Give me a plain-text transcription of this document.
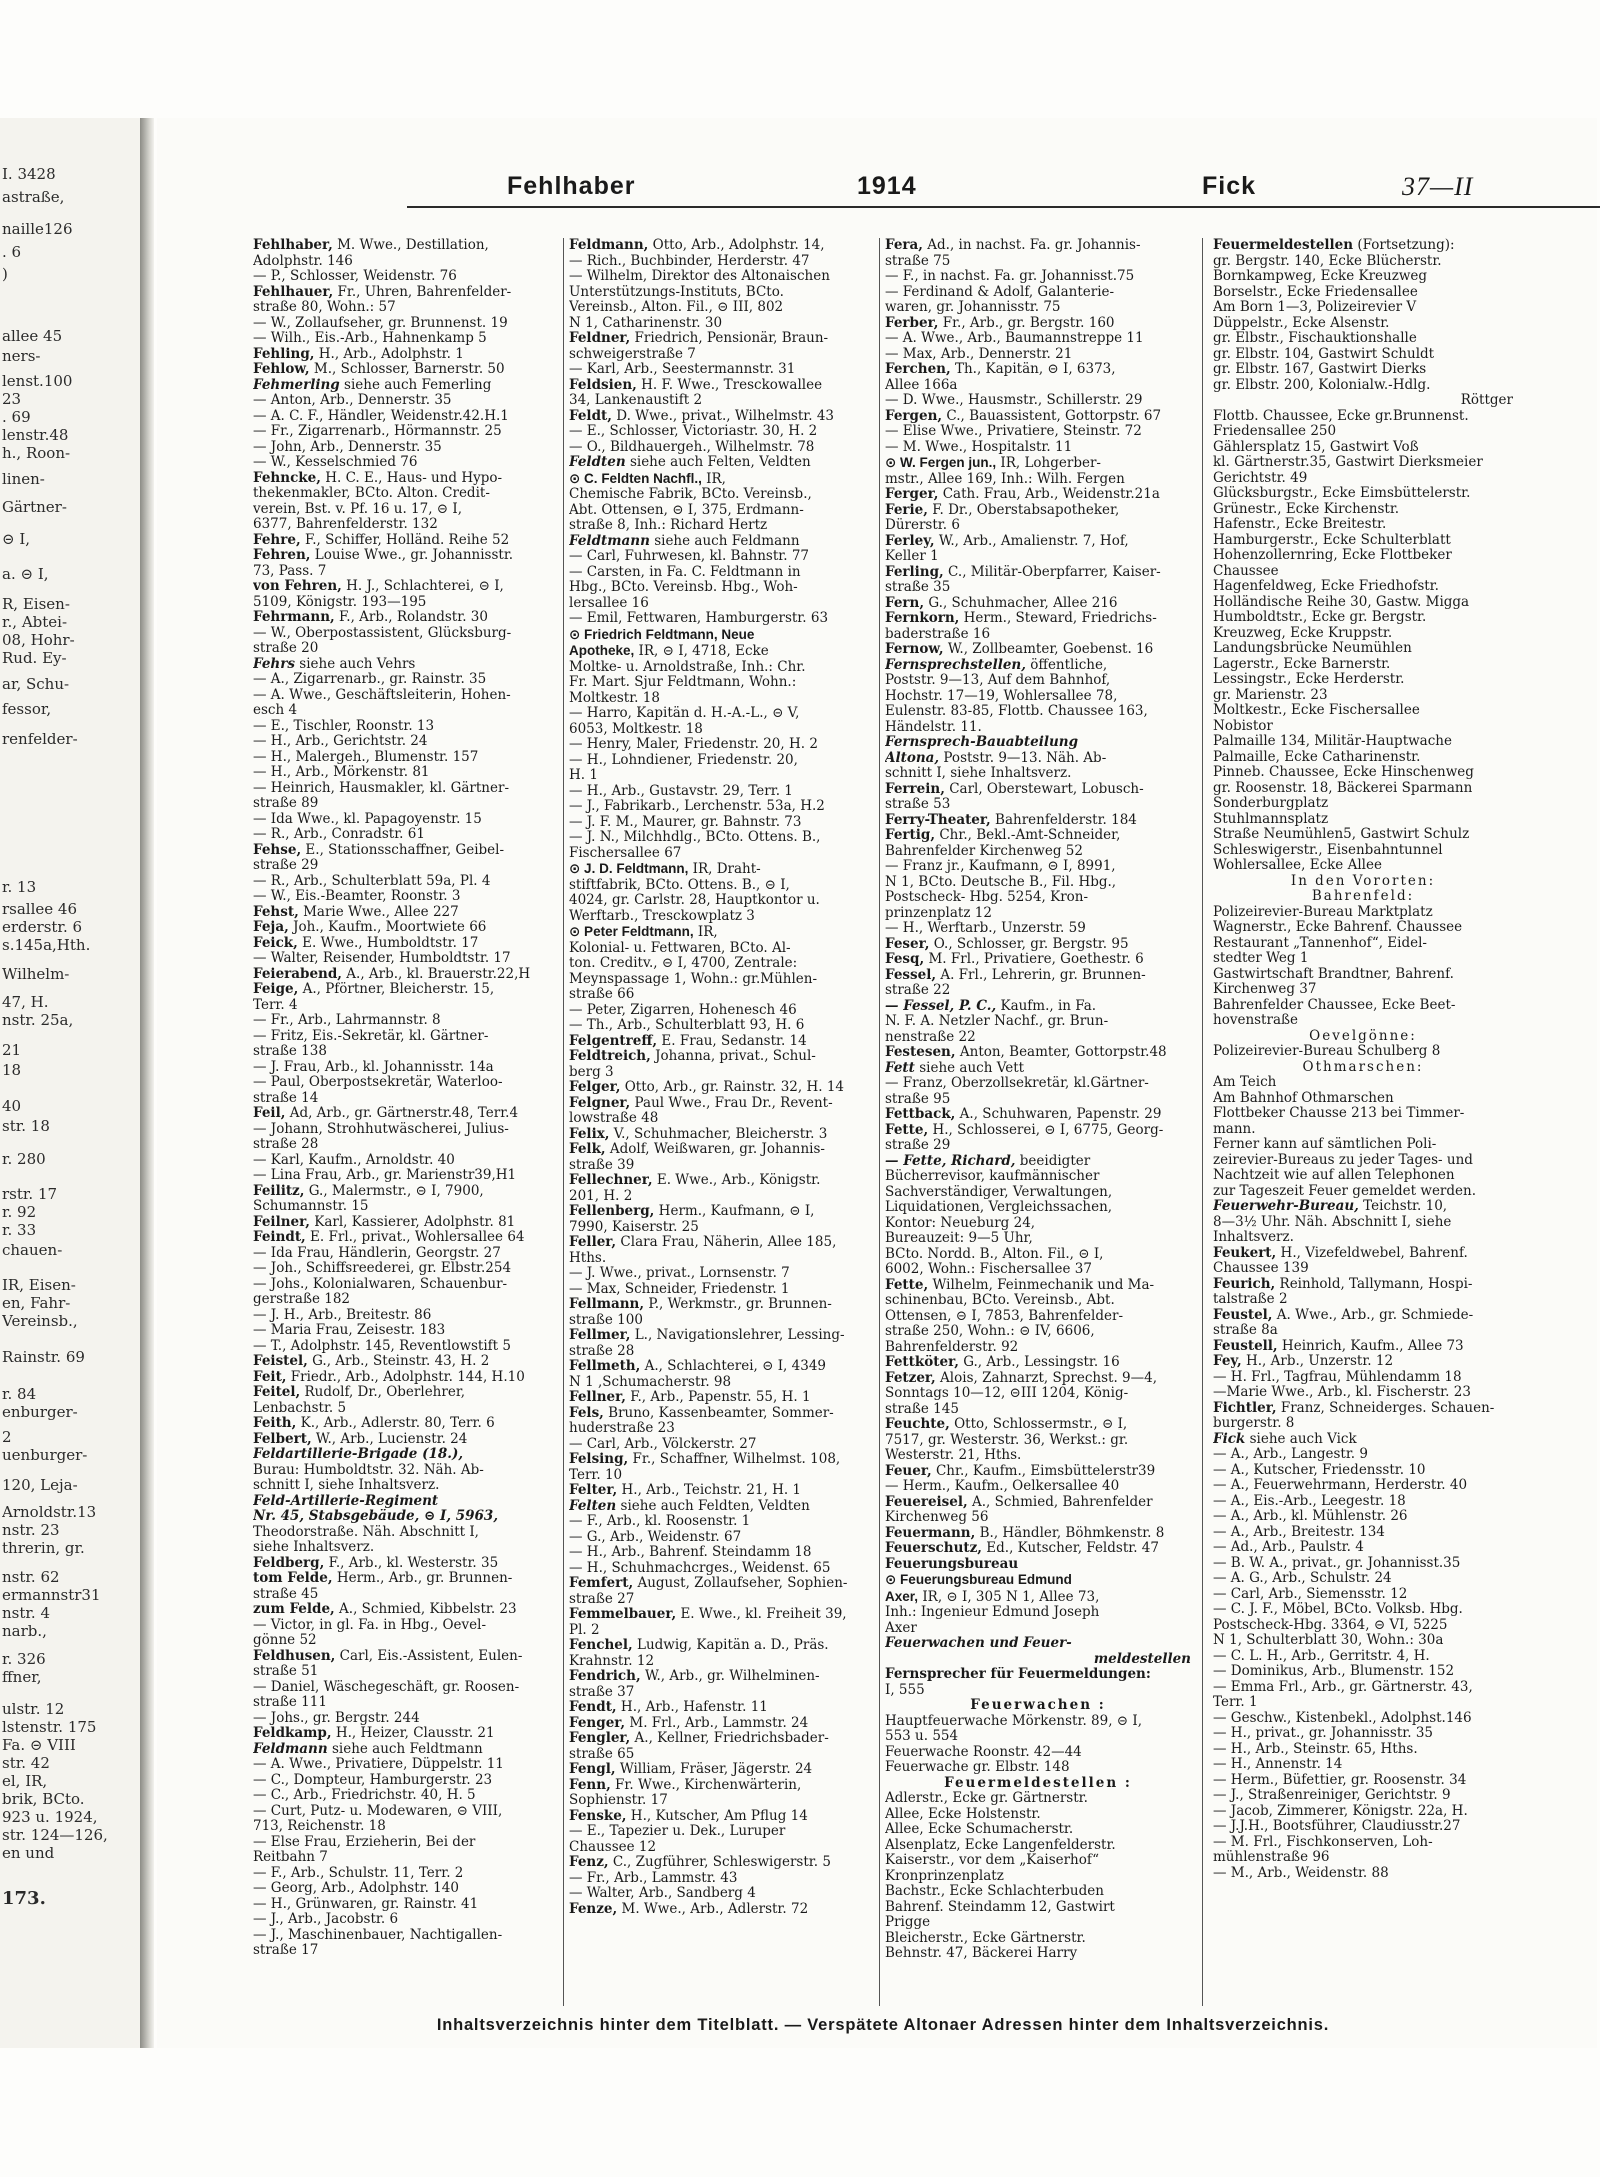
I. 3428
astraße,
naille126
. 6
)
allee 45
ners-
lenst.100
23
. 69
lenstr.48
h., Roon-
linen-
Gärtner-
⊝ I,
a. ⊝ I,
R, Eisen-
r., Abtei-
08, Hohr-
Rud. Ey-
ar, Schu-
fessor,
renfelder-
r. 13
rsallee 46
erderstr. 6
s.145a,Hth.
Wilhelm-
47, H.
nstr. 25a,
21
18
40
str. 18
r. 280
rstr. 17
r. 92
r. 33
chauen-
IR, Eisen-
en, Fahr-
Vereinsb.,
Rainstr. 69
r. 84
enburger-
2
uenburger-
120, Leja-
Arnoldstr.13
nstr. 23
threrin, gr.
nstr. 62
ermannstr31
nstr. 4
narb.,
r. 326
ffner,
ulstr. 12
lstenstr. 175
Fa. ⊝ VIII
str. 42
el, IR,
brik, BCto.
923 u. 1924,
str. 124—126,
en und
173.
Fehlhaber	1914	Fick	37—II
Fehlhaber, M. Wwe., Destillation,
Adolphstr. 146
— P., Schlosser, Weidenstr. 76
Fehlhauer, Fr., Uhren, Bahrenfelder-
straße 80, Wohn.: 57
— W., Zollaufseher, gr. Brunnenst. 19
— Wilh., Eis.-Arb., Hahnenkamp 5
Fehling, H., Arb., Adolphstr. 1
Fehlow, M., Schlosser, Barnerstr. 50
Fehmerling siehe auch Femerling
— Anton, Arb., Dennerstr. 35
— A. C. F., Händler, Weidenstr.42.H.1
— Fr., Zigarrenarb., Hörmannstr. 25
— John, Arb., Dennerstr. 35
— W., Kesselschmied 76
Fehncke, H. C. E., Haus- und Hypo-
thekenmakler, BCto. Alton. Credit-
verein, Bst. v. Pf. 16 u. 17, ⊝ I,
6377, Bahrenfelderstr. 132
Fehre, F., Schiffer, Holländ. Reihe 52
Fehren, Louise Wwe., gr. Johannisstr.
73, Pass. 7
von Fehren, H. J., Schlachterei, ⊝ I,
5109, Königstr. 193—195
Fehrmann, F., Arb., Rolandstr. 30
— W., Oberpostassistent, Glücksburg-
straße 20
Fehrs siehe auch Vehrs
— A., Zigarrenarb., gr. Rainstr. 35
— A. Wwe., Geschäftsleiterin, Hohen-
esch 4
— E., Tischler, Roonstr. 13
— H., Arb., Gerichtstr. 24
— H., Malergeh., Blumenstr. 157
— H., Arb., Mörkenstr. 81
— Heinrich, Hausmakler, kl. Gärtner-
straße 89
— Ida Wwe., kl. Papagoyenstr. 15
— R., Arb., Conradstr. 61
Fehse, E., Stationsschaffner, Geibel-
straße 29
— R., Arb., Schulterblatt 59a, Pl. 4
— W., Eis.-Beamter, Roonstr. 3
Fehst, Marie Wwe., Allee 227
Feja, Joh., Kaufm., Moortwiete 66
Feick, E. Wwe., Humboldtstr. 17
— Walter, Reisender, Humboldtstr. 17
Feierabend, A., Arb., kl. Brauerstr.22,H
Feige, A., Pförtner, Bleicherstr. 15,
Terr. 4
— Fr., Arb., Lahrmannstr. 8
— Fritz, Eis.-Sekretär, kl. Gärtner-
straße 138
— J. Frau, Arb., kl. Johannisstr. 14a
— Paul, Oberpostsekretär, Waterloo-
straße 14
Feil, Ad, Arb., gr. Gärtnerstr.48, Terr.4
— Johann, Strohhutwäscherei, Julius-
straße 28
— Karl, Kaufm., Arnoldstr. 40
— Lina Frau, Arb., gr. Marienstr39,H1
Feilitz, G., Malermstr., ⊝ I, 7900,
Schumannstr. 15
Feilner, Karl, Kassierer, Adolphstr. 81
Feindt, E. Frl., privat., Wohlersallee 64
— Ida Frau, Händlerin, Georgstr. 27
— Joh., Schiffsreederei, gr. Elbstr.254
— Johs., Kolonialwaren, Schauenbur-
gerstraße 182
— J. H., Arb., Breitestr. 86
— Maria Frau, Zeisestr. 183
— T., Adolphstr. 145, Reventlowstift 5
Feistel, G., Arb., Steinstr. 43, H. 2
Feit, Friedr., Arb., Adolphstr. 144, H.10
Feitel, Rudolf, Dr., Oberlehrer,
Lenbachstr. 5
Feith, K., Arb., Adlerstr. 80, Terr. 6
Felbert, W., Arb., Lucienstr. 24
Feldartillerie-Brigade (18.),
Burau: Humboldtstr. 32. Näh. Ab-
schnitt I, siehe Inhaltsverz.
Feld-Artillerie-Regiment
Nr. 45, Stabsgebäude, ⊝ I, 5963,
Theodorstraße. Näh. Abschnitt I,
siehe Inhaltsverz.
Feldberg, F., Arb., kl. Westerstr. 35
tom Felde, Herm., Arb., gr. Brunnen-
straße 45
zum Felde, A., Schmied, Kibbelstr. 23
— Victor, in gl. Fa. in Hbg., Oevel-
gönne 52
Feldhusen, Carl, Eis.-Assistent, Eulen-
straße 51
— Daniel, Wäschegeschäft, gr. Roosen-
straße 111
— Johs., gr. Bergstr. 244
Feldkamp, H., Heizer, Clausstr. 21
Feldmann siehe auch Feldtmann
— A. Wwe., Privatiere, Düppelstr. 11
— C., Dompteur, Hamburgerstr. 23
— C., Arb., Friedrichstr. 40, H. 5
— Curt, Putz- u. Modewaren, ⊝ VIII,
713, Reichenstr. 18
— Else Frau, Erzieherin, Bei der
Reitbahn 7
— F., Arb., Schulstr. 11, Terr. 2
— Georg, Arb., Adolphstr. 140
— H., Grünwaren, gr. Rainstr. 41
— J., Arb., Jacobstr. 6
— J., Maschinenbauer, Nachtigallen-
straße 17
Feldmann, Otto, Arb., Adolphstr. 14,
— Rich., Buchbinder, Herderstr. 47
— Wilhelm, Direktor des Altonaischen
Unterstützungs-Instituts, BCto.
Vereinsb., Alton. Fil., ⊝ III, 802
N 1, Catharinenstr. 30
Feldner, Friedrich, Pensionär, Braun-
schweigerstraße 7
— Karl, Arb., Seestermannstr. 31
Feldsien, H. F. Wwe., Tresckowallee
34, Lankenaustift 2
Feldt, D. Wwe., privat., Wilhelmstr. 43
— E., Schlosser, Victoriastr. 30, H. 2
— O., Bildhauergeh., Wilhelmstr. 78
Feldten siehe auch Felten, Veldten
⊙ C. Feldten Nachfl., IR,
Chemische Fabrik, BCto. Vereinsb.,
Abt. Ottensen, ⊝ I, 375, Erdmann-
straße 8, Inh.: Richard Hertz
Feldtmann siehe auch Feldmann
— Carl, Fuhrwesen, kl. Bahnstr. 77
— Carsten, in Fa. C. Feldtmann in
Hbg., BCto. Vereinsb. Hbg., Woh-
lersallee 16
— Emil, Fettwaren, Hamburgerstr. 63
⊙ Friedrich Feldtmann, Neue
Apotheke, IR, ⊝ I, 4718, Ecke
Moltke- u. Arnoldstraße, Inh.: Chr.
Fr. Mart. Sjur Feldtmann, Wohn.:
Moltkestr. 18
— Harro, Kapitän d. H.-A.-L., ⊝ V,
6053, Moltkestr. 18
— Henry, Maler, Friedenstr. 20, H. 2
— H., Lohndiener, Friedenstr. 20,
H. 1
— H., Arb., Gustavstr. 29, Terr. 1
— J., Fabrikarb., Lerchenstr. 53a, H.2
— J. F. M., Maurer, gr. Bahnstr. 73
— J. N., Milchhdlg., BCto. Ottens. B.,
Fischersallee 67
⊙ J. D. Feldtmann, IR, Draht-
stiftfabrik, BCto. Ottens. B., ⊝ I,
4024, gr. Carlstr. 28, Hauptkontor u.
Werftarb., Tresckowplatz 3
⊙ Peter Feldtmann, IR,
Kolonial- u. Fettwaren, BCto. Al-
ton. Creditv., ⊝ I, 4700, Zentrale:
Meynspassage 1, Wohn.: gr.Mühlen-
straße 66
— Peter, Zigarren, Hohenesch 46
— Th., Arb., Schulterblatt 93, H. 6
Felgentreff, E. Frau, Sedanstr. 14
Feldtreich, Johanna, privat., Schul-
berg 3
Felger, Otto, Arb., gr. Rainstr. 32, H. 14
Felgner, Paul Wwe., Frau Dr., Revent-
lowstraße 48
Felix, V., Schuhmacher, Bleicherstr. 3
Felk, Adolf, Weißwaren, gr. Johannis-
straße 39
Fellechner, E. Wwe., Arb., Königstr.
201, H. 2
Fellenberg, Herm., Kaufmann, ⊝ I,
7990, Kaiserstr. 25
Feller, Clara Frau, Näherin, Allee 185,
Hths.
— J. Wwe., privat., Lornsenstr. 7
— Max, Schneider, Friedenstr. 1
Fellmann, P., Werkmstr., gr. Brunnen-
straße 100
Fellmer, L., Navigationslehrer, Lessing-
straße 28
Fellmeth, A., Schlachterei, ⊝ I, 4349
N 1 ,Schumacherstr. 98
Fellner, F., Arb., Papenstr. 55, H. 1
Fels, Bruno, Kassenbeamter, Sommer-
huderstraße 23
— Carl, Arb., Völckerstr. 27
Felsing, Fr., Schaffner, Wilhelmst. 108,
Terr. 10
Felter, H., Arb., Teichstr. 21, H. 1
Felten siehe auch Feldten, Veldten
— F., Arb., kl. Roosenstr. 1
— G., Arb., Weidenstr. 67
— H., Arb., Bahrenf. Steindamm 18
— H., Schuhmachcrges., Weidenst. 65
Femfert, August, Zollaufseher, Sophien-
straße 27
Femmelbauer, E. Wwe., kl. Freiheit 39,
Pl. 2
Fenchel, Ludwig, Kapitän a. D., Präs.
Krahnstr. 12
Fendrich, W., Arb., gr. Wilhelminen-
straße 37
Fendt, H., Arb., Hafenstr. 11
Fenger, M. Frl., Arb., Lammstr. 24
Fengler, A., Kellner, Friedrichsbader-
straße 65
Fengl, William, Fräser, Jägerstr. 24
Fenn, Fr. Wwe., Kirchenwärterin,
Sophienstr. 17
Fenske, H., Kutscher, Am Pflug 14
— E., Tapezier u. Dek., Luruper
Chaussee 12
Fenz, C., Zugführer, Schleswigerstr. 5
— Fr., Arb., Lammstr. 43
— Walter, Arb., Sandberg 4
Fenze, M. Wwe., Arb., Adlerstr. 72
Fera, Ad., in nachst. Fa. gr. Johannis-
straße 75
— F., in nachst. Fa. gr. Johannisst.75
— Ferdinand & Adolf, Galanterie-
waren, gr. Johannisstr. 75
Ferber, Fr., Arb., gr. Bergstr. 160
— A. Wwe., Arb., Baumannstreppe 11
— Max, Arb., Dennerstr. 21
Ferchen, Th., Kapitän, ⊝ I, 6373,
Allee 166a
— D. Wwe., Hausmstr., Schillerstr. 29
Fergen, C., Bauassistent, Gottorpstr. 67
— Elise Wwe., Privatiere, Steinstr. 72
— M. Wwe., Hospitalstr. 11
⊙ W. Fergen jun., IR, Lohgerber-
mstr., Allee 169, Inh.: Wilh. Fergen
Ferger, Cath. Frau, Arb., Weidenstr.21a
Ferie, F. Dr., Oberstabsapotheker,
Dürerstr. 6
Ferley, W., Arb., Amalienstr. 7, Hof,
Keller 1
Ferling, C., Militär-Oberpfarrer, Kaiser-
straße 35
Fern, G., Schuhmacher, Allee 216
Fernkorn, Herm., Steward, Friedrichs-
baderstraße 16
Fernow, W., Zollbeamter, Goebenst. 16
Fernsprechstellen, öffentliche,
Poststr. 9—13, Auf dem Bahnhof,
Hochstr. 17—19, Wohlersallee 78,
Eulenstr. 83-85, Flottb. Chaussee 163,
Händelstr. 11.
Fernsprech-Bauabteilung
Altona, Poststr. 9—13. Näh. Ab-
schnitt I, siehe Inhaltsverz.
Ferrein, Carl, Oberstewart, Lobusch-
straße 53
Ferry-Theater, Bahrenfelderstr. 184
Fertig, Chr., Bekl.-Amt-Schneider,
Bahrenfelder Kirchenweg 52
— Franz jr., Kaufmann, ⊝ I, 8991,
N 1, BCto. Deutsche B., Fil. Hbg.,
Postscheck- Hbg. 5254, Kron-
prinzenplatz 12
— H., Werftarb., Unzerstr. 59
Feser, O., Schlosser, gr. Bergstr. 95
Fesq, M. Frl., Privatiere, Goethestr. 6
Fessel, A. Frl., Lehrerin, gr. Brunnen-
straße 22
— Fessel, P. C., Kaufm., in Fa.
N. F. A. Netzler Nachf., gr. Brun-
nenstraße 22
Festesen, Anton, Beamter, Gottorpstr.48
Fett siehe auch Vett
— Franz, Oberzollsekretär, kl.Gärtner-
straße 95
Fettback, A., Schuhwaren, Papenstr. 29
Fette, H., Schlosserei, ⊝ I, 6775, Georg-
straße 29
— Fette, Richard, beeidigter
Bücherrevisor, kaufmännischer
Sachverständiger, Verwaltungen,
Liquidationen, Vergleichssachen,
Kontor: Neueburg 24,
Bureauzeit: 9—5 Uhr,
BCto. Nordd. B., Alton. Fil., ⊝ I,
6002, Wohn.: Fischersallee 37
Fette, Wilhelm, Feinmechanik und Ma-
schinenbau, BCto. Vereinsb., Abt.
Ottensen, ⊝ I, 7853, Bahrenfelder-
straße 250, Wohn.: ⊝ IV, 6606,
Bahrenfelderstr. 92
Fettköter, G., Arb., Lessingstr. 16
Fetzer, Alois, Zahnarzt, Sprechst. 9—4,
Sonntags 10—12, ⊝III 1204, König-
straße 145
Feuchte, Otto, Schlossermstr., ⊝ I,
7517, gr. Westerstr. 36, Werkst.: gr.
Westerstr. 21, Hths.
Feuer, Chr., Kaufm., Eimsbüttelerstr39
— Herm., Kaufm., Oelkersallee 40
Feuereisel, A., Schmied, Bahrenfelder
Kirchenweg 56
Feuermann, B., Händler, Böhmkenstr. 8
Feuerschutz, Ed., Kutscher, Feldstr. 47
Feuerungsbureau
⊙ Feuerungsbureau Edmund
Axer, IR, ⊝ I, 305 N 1, Allee 73,
Inh.: Ingenieur Edmund Joseph
Axer
Feuerwachen und Feuer-
meldestellen
Fernsprecher für Feuermeldungen:
I, 555
Feuerwachen :
Hauptfeuerwache Mörkenstr. 89, ⊝ I,
553 u. 554
Feuerwache Roonstr. 42—44
Feuerwache gr. Elbstr. 148
Feuermeldestellen :
Adlerstr., Ecke gr. Gärtnerstr.
Allee, Ecke Holstenstr.
Allee, Ecke Schumacherstr.
Alsenplatz, Ecke Langenfelderstr.
Kaiserstr., vor dem „Kaiserhof“
Kronprinzenplatz
Bachstr., Ecke Schlachterbuden
Bahrenf. Steindamm 12, Gastwirt
Prigge
Bleicherstr., Ecke Gärtnerstr.
Behnstr. 47, Bäckerei Harry
Feuermeldestellen (Fortsetzung):
gr. Bergstr. 140, Ecke Blücherstr.
Bornkampweg, Ecke Kreuzweg
Borselstr., Ecke Friedensallee
Am Born 1—3, Polizeirevier V
Düppelstr., Ecke Alsenstr.
gr. Elbstr., Fischauktionshalle
gr. Elbstr. 104, Gastwirt Schuldt
gr. Elbstr. 167, Gastwirt Dierks
gr. Elbstr. 200, Kolonialw.-Hdlg.
Röttger
Flottb. Chaussee, Ecke gr.Brunnenst.
Friedensallee 250
Gählersplatz 15, Gastwirt Voß
kl. Gärtnerstr.35, Gastwirt Dierksmeier
Gerichtstr. 49
Glücksburgstr., Ecke Eimsbüttelerstr.
Grünestr., Ecke Kirchenstr.
Hafenstr., Ecke Breitestr.
Hamburgerstr., Ecke Schulterblatt
Hohenzollernring, Ecke Flottbeker
Chaussee
Hagenfeldweg, Ecke Friedhofstr.
Holländische Reihe 30, Gastw. Migga
Humboldtstr., Ecke gr. Bergstr.
Kreuzweg, Ecke Kruppstr.
Landungsbrücke Neumühlen
Lagerstr., Ecke Barnerstr.
Lessingstr., Ecke Herderstr.
gr. Marienstr. 23
Moltkestr., Ecke Fischersallee
Nobistor
Palmaille 134, Militär-Hauptwache
Palmaille, Ecke Catharinenstr.
Pinneb. Chaussee, Ecke Hinschenweg
gr. Roosenstr. 18, Bäckerei Sparmann
Sonderburgplatz
Stuhlmannsplatz
Straße Neumühlen5, Gastwirt Schulz
Schleswigerstr., Eisenbahntunnel
Wohlersallee, Ecke Allee
In den Vororten:
Bahrenfeld:
Polizeirevier-Bureau Marktplatz
Wagnerstr., Ecke Bahrenf. Chaussee
Restaurant „Tannenhof“, Eidel-
stedter Weg 1
Gastwirtschaft Brandtner, Bahrenf.
Kirchenweg 37
Bahrenfelder Chaussee, Ecke Beet-
hovenstraße
Oevelgönne:
Polizeirevier-Bureau Schulberg 8
Othmarschen:
Am Teich
Am Bahnhof Othmarschen
Flottbeker Chausse 213 bei Timmer-
mann.
Ferner kann auf sämtlichen Poli-
zeirevier-Bureaus zu jeder Tages- und
Nachtzeit wie auf allen Telephonen
zur Tageszeit Feuer gemeldet werden.
Feuerwehr-Bureau, Teichstr. 10,
8—3½ Uhr. Näh. Abschnitt I, siehe
Inhaltsverz.
Feukert, H., Vizefeldwebel, Bahrenf.
Chaussee 139
Feurich, Reinhold, Tallymann, Hospi-
talstraße 2
Feustel, A. Wwe., Arb., gr. Schmiede-
straße 8a
Feustell, Heinrich, Kaufm., Allee 73
Fey, H., Arb., Unzerstr. 12
— H. Frl., Tagfrau, Mühlendamm 18
—Marie Wwe., Arb., kl. Fischerstr. 23
Fichtler, Franz, Schneiderges. Schauen-
burgerstr. 8
Fick siehe auch Vick
— A., Arb., Langestr. 9
— A., Kutscher, Friedensstr. 10
— A., Feuerwehrmann, Herderstr. 40
— A., Eis.-Arb., Leegestr. 18
— A., Arb., kl. Mühlenstr. 26
— A., Arb., Breitestr. 134
— Ad., Arb., Paulstr. 4
— B. W. A., privat., gr. Johannisst.35
— A. G., Arb., Schulstr. 24
— Carl, Arb., Siemensstr. 12
— C. J. F., Möbel, BCto. Volksb. Hbg.
Postscheck-Hbg. 3364, ⊝ VI, 5225
N 1, Schulterblatt 30, Wohn.: 30a
— C. L. H., Arb., Gerritstr. 4, H.
— Dominikus, Arb., Blumenstr. 152
— Emma Frl., Arb., gr. Gärtnerstr. 43,
Terr. 1
— Geschw., Kistenbekl., Adolphst.146
— H., privat., gr. Johannisstr. 35
— H., Arb., Steinstr. 65, Hths.
— H., Annenstr. 14
— Herm., Büfettier, gr. Roosenstr. 34
— J., Straßenreiniger, Gerichtstr. 9
— Jacob, Zimmerer, Königstr. 22a, H.
— J.J.H., Bootsführer, Claudiusstr.27
— M. Frl., Fischkonserven, Loh-
mühlenstraße 96
— M., Arb., Weidenstr. 88
Inhaltsverzeichnis hinter dem Titelblatt. — Verspätete Altonaer Adressen hinter dem Inhaltsverzeichnis.
